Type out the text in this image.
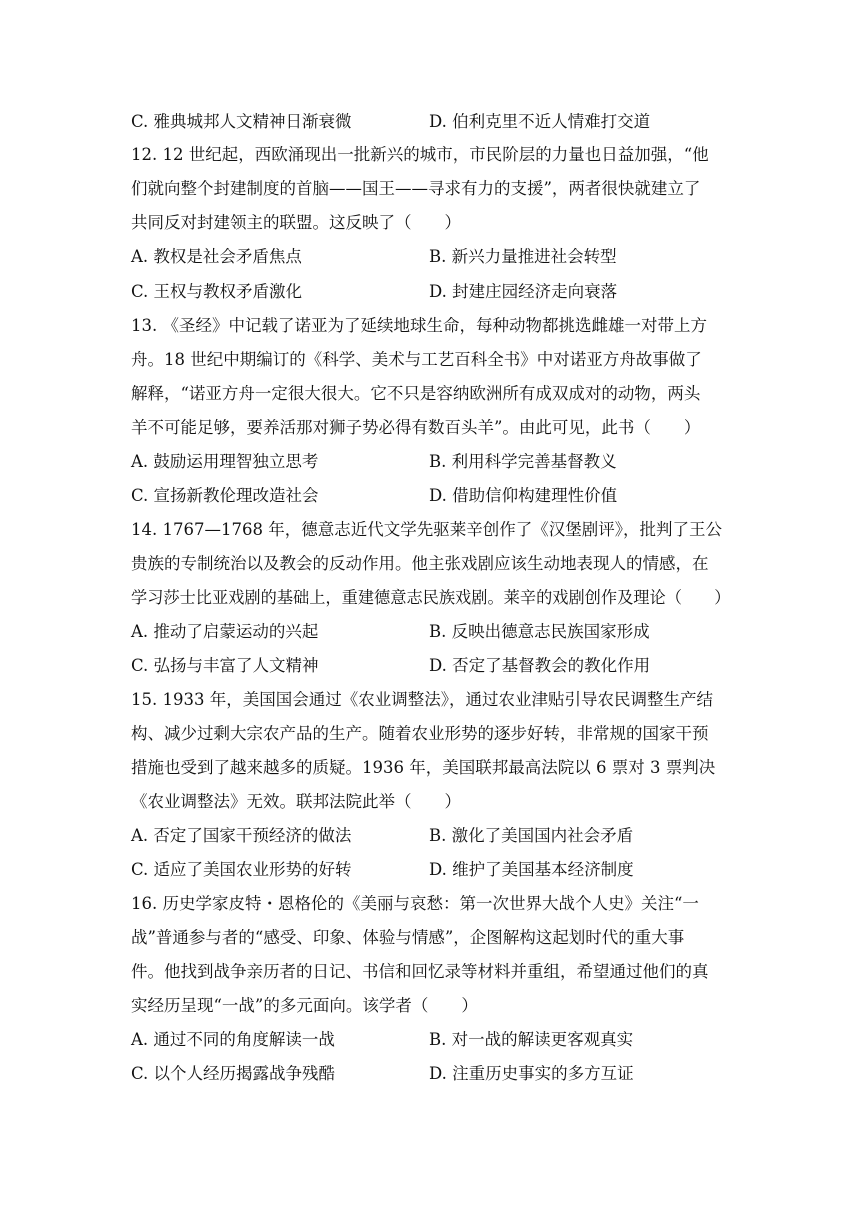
C. 雅典城邦人文精神日渐衰微	D. 伯利克里不近人情难打交道
12. 12 世纪起，西欧涌现出一批新兴的城市，市民阶层的力量也日益加强，“他
们就向整个封建制度的首脑——国王——寻求有力的支援”，两者很快就建立了
共同反对封建领主的联盟。这反映了（　　）
A. 教权是社会矛盾焦点	B. 新兴力量推进社会转型
C. 王权与教权矛盾激化	D. 封建庄园经济走向衰落
13. 《圣经》中记载了诺亚为了延续地球生命，每种动物都挑选雌雄一对带上方
舟。18 世纪中期编订的《科学、美术与工艺百科全书》中对诺亚方舟故事做了
解释，“诺亚方舟一定很大很大。它不只是容纳欧洲所有成双成对的动物，两头
羊不可能足够，要养活那对狮子势必得有数百头羊”。由此可见，此书（　　）
A. 鼓励运用理智独立思考	B. 利用科学完善基督教义
C. 宣扬新教伦理改造社会	D. 借助信仰构建理性价值
14. 1767—1768 年，德意志近代文学先驱莱辛创作了《汉堡剧评》，批判了王公
贵族的专制统治以及教会的反动作用。他主张戏剧应该生动地表现人的情感，在
学习莎士比亚戏剧的基础上，重建德意志民族戏剧。莱辛的戏剧创作及理论（　　）
A. 推动了启蒙运动的兴起	B. 反映出德意志民族国家形成
C. 弘扬与丰富了人文精神	D. 否定了基督教会的教化作用
15. 1933 年，美国国会通过《农业调整法》，通过农业津贴引导农民调整生产结
构、减少过剩大宗农产品的生产。随着农业形势的逐步好转，非常规的国家干预
措施也受到了越来越多的质疑。1936 年，美国联邦最高法院以 6 票对 3 票判决
《农业调整法》无效。联邦法院此举（　　）
A. 否定了国家干预经济的做法	B. 激化了美国国内社会矛盾
C. 适应了美国农业形势的好转	D. 维护了美国基本经济制度
16. 历史学家皮特・恩格伦的《美丽与哀愁：第一次世界大战个人史》关注“一
战”普通参与者的“感受、印象、体验与情感”，企图解构这起划时代的重大事
件。他找到战争亲历者的日记、书信和回忆录等材料并重组，希望通过他们的真
实经历呈现“一战”的多元面向。该学者（　　）
A. 通过不同的角度解读一战	B. 对一战的解读更客观真实
C. 以个人经历揭露战争残酷	D. 注重历史事实的多方互证
